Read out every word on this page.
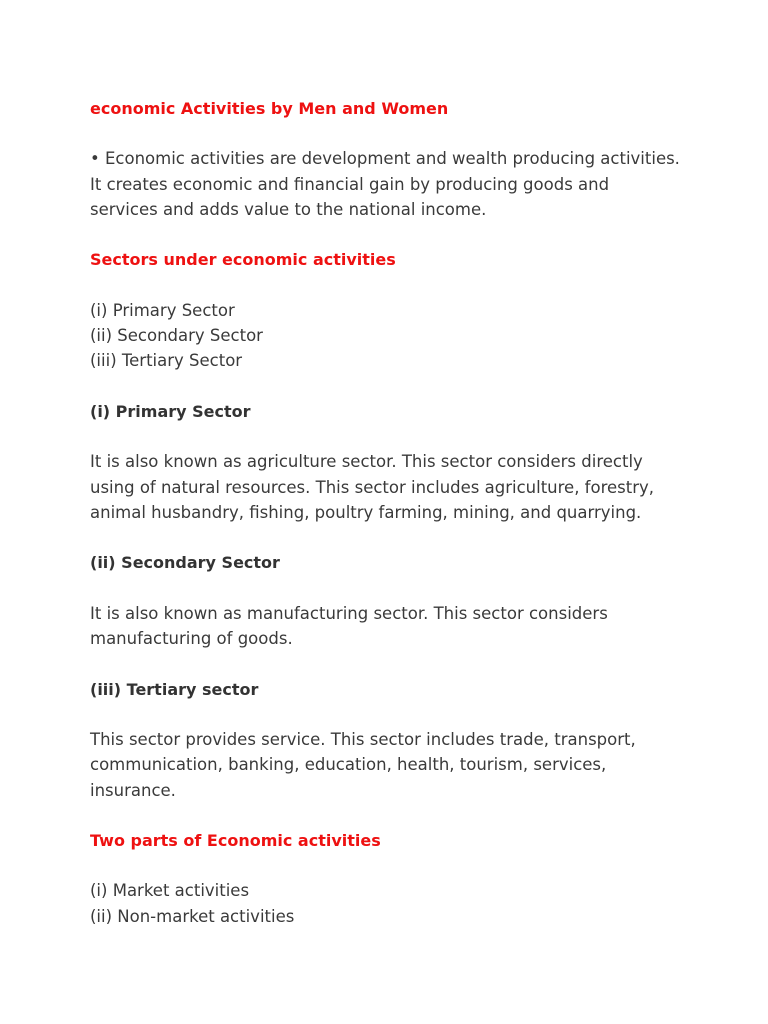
economic Activities by Men and Women

• Economic activities are development and wealth producing activities. It creates economic and financial gain by producing goods and services and adds value to the national income.

Sectors under economic activities
(i) Primary Sector
(ii) Secondary Sector
(iii) Tertiary Sector
(i) Primary Sector

It is also known as agriculture sector. This sector considers directly using of natural resources. This sector includes agriculture, forestry, animal husbandry, fishing, poultry farming, mining, and quarrying.

(ii) Secondary Sector

It is also known as manufacturing sector. This sector considers manufacturing of goods.

(iii) Tertiary sector

This sector provides service. This sector includes trade, transport, communication, banking, education, health, tourism, services, insurance.

Two parts of Economic activities
(i) Market activities
(ii) Non-market activities
